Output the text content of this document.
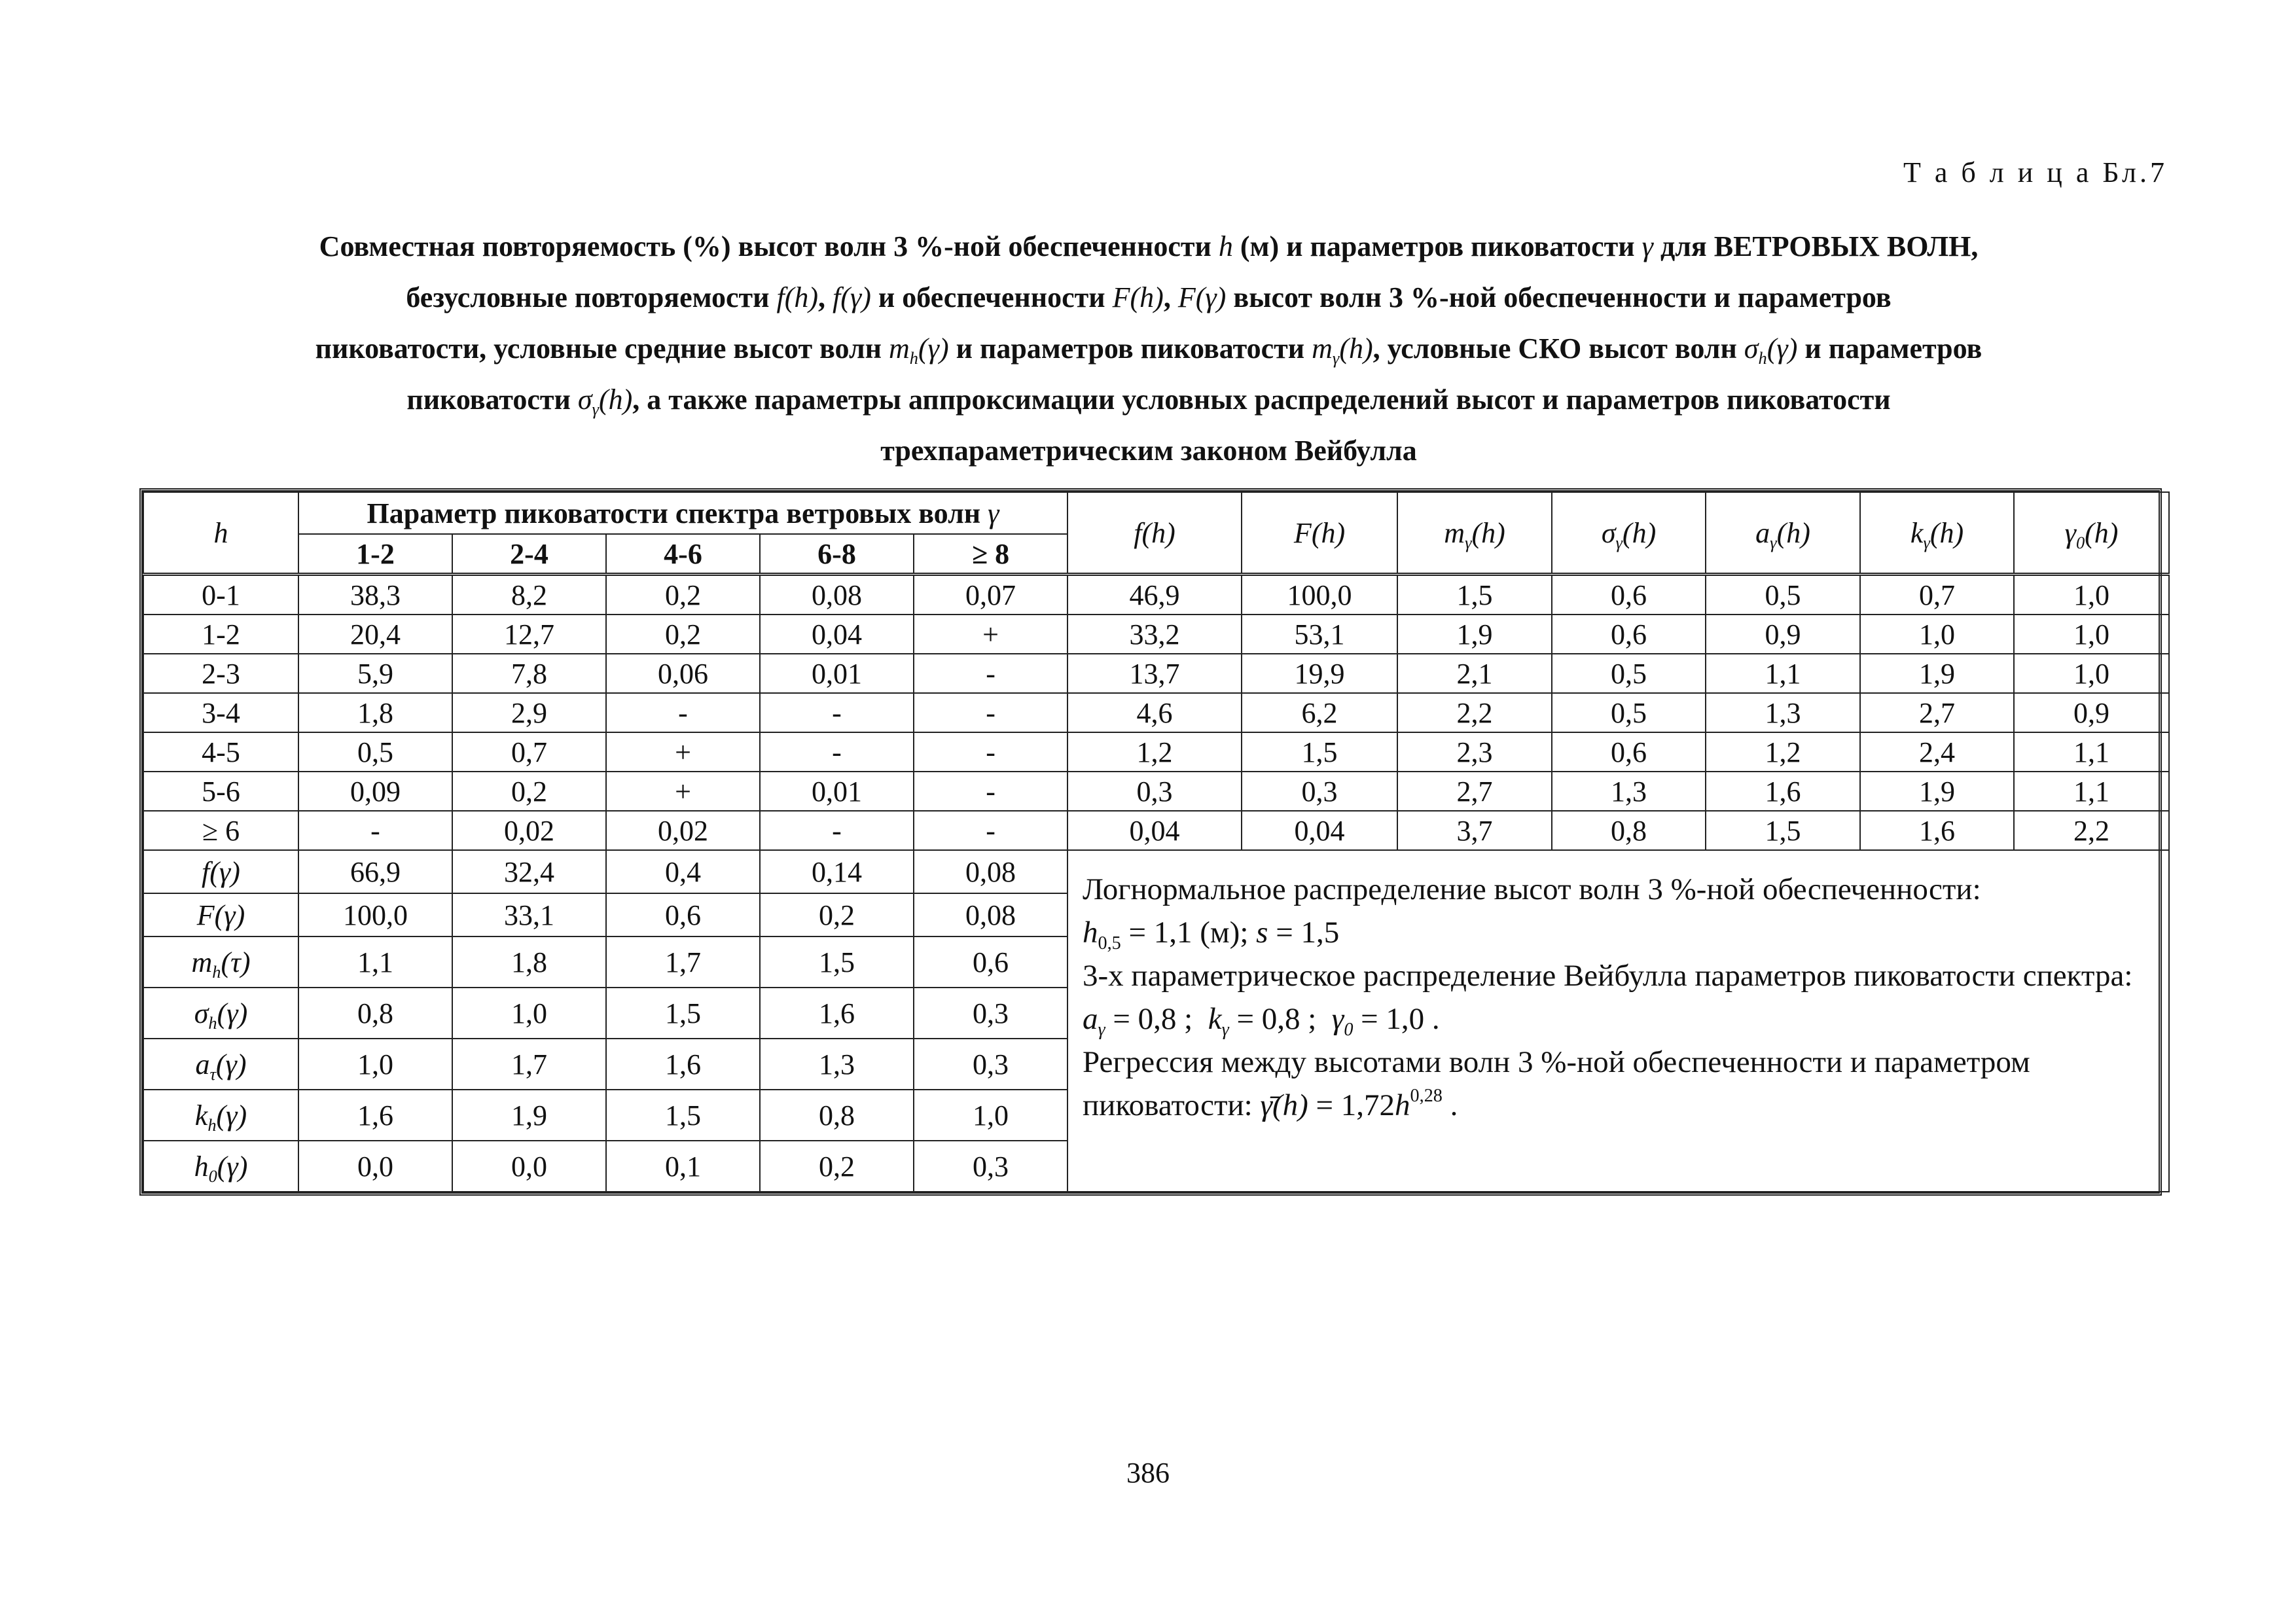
Т а б л и ц а Бл.7
Совместная повторяемость (%) высот волн 3 %-ной обеспеченности h (м) и параметров пиковатости γ для ВЕТРОВЫХ ВОЛН,
безусловные повторяемости f(h), f(γ) и обеспеченности F(h), F(γ) высот волн 3 %-ной обеспеченности и параметров
пиковатости, условные средние высот волн $m_h(\gamma)$ и параметров пиковатости $m_\gamma(h)$, условные СКО высот волн $\sigma_h(\gamma)$ и параметров
пиковатости $\sigma_\gamma(h)$, а также параметры аппроксимации условных распределений высот и параметров пиковатости
трехпараметрическим законом Вейбулла
h	Параметр пиковатости спектра ветровых волн γ					f(h)	F(h)	$m_\gamma(h)$	$\sigma_\gamma(h)$	$a_\gamma(h)$	$k_\gamma(h)$	$\gamma_0(h)$
	1-2	2-4	4-6	6-8	≥ 8							
0-1	38,3	8,2	0,2	0,08	0,07	46,9	100,0	1,5	0,6	0,5	0,7	1,0
1-2	20,4	12,7	0,2	0,04	+	33,2	53,1	1,9	0,6	0,9	1,0	1,0
2-3	5,9	7,8	0,06	0,01	-	13,7	19,9	2,1	0,5	1,1	1,9	1,0
3-4	1,8	2,9	-	-	-	4,6	6,2	2,2	0,5	1,3	2,7	0,9
4-5	0,5	0,7	+	-	-	1,2	1,5	2,3	0,6	1,2	2,4	1,1
5-6	0,09	0,2	+	0,01	-	0,3	0,3	2,7	1,3	1,6	1,9	1,1
≥ 6	-	0,02	0,02	-	-	0,04	0,04	3,7	0,8	1,5	1,6	2,2
f(γ)	66,9	32,4	0,4	0,14	0,08	Логнормальное распределение высот волн 3 %-ной обеспеченности:
$h_{0,5} = 1,1$ (м); s = 1,5
3-х параметрическое распределение Вейбулла параметров пиковатости спектра:
$a_\gamma = 0,8$ ;  $k_\gamma = 0,8$ ;  $\gamma_0 = 1,0$ .
Регрессия между высотами волн 3 %-ной обеспеченности и параметром пиковатости: γ̄(h) = $1,72h^{0,28}$ .						

F(γ)	100,0	33,1	0,6	0,2	0,08							
$m_h(\tau)$	1,1	1,8	1,7	1,5	0,6							
$\sigma_h(\gamma)$	0,8	1,0	1,5	1,6	0,3							
$a_\tau(\gamma)$	1,0	1,7	1,6	1,3	0,3							
$k_h(\gamma)$	1,6	1,9	1,5	0,8	1,0							
$h_0(\gamma)$	0,0	0,0	0,1	0,2	0,3							
386
